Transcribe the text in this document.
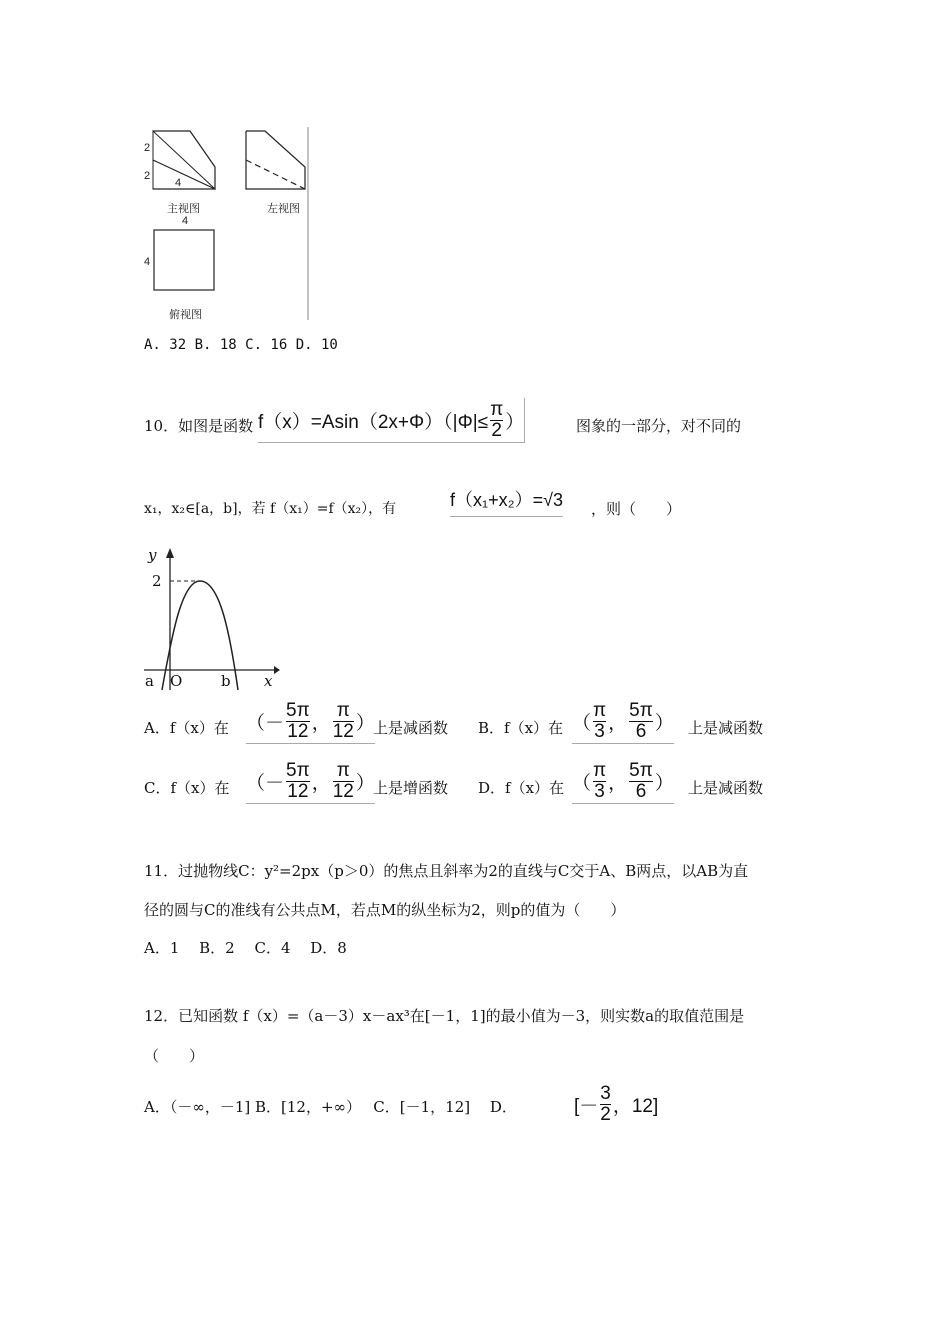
2
2
4
主视图	左视图
4
4
俯视图
A. 32 B. 18 C. 16 D. 10
10．如图是函数 $f(x)=Asin(2x+\Phi)(|\Phi|\le \frac{\pi}{2}$ ）	图象的一部分，对不同的
x₁，x₂∈[a，b]，若 f（x₁）=f（x₂），有	f（x₁+x₂）=√3 ，则（　　）
y
2
a O	b x
A．f（x）在 （－ $\frac{5\pi}{12}$ ， $\frac{\pi}{12}$ ）
上是减函数 B．f（x）在 （ $\frac{\pi}{3}$ ， $\frac{5\pi}{6}$ ） 上是减函数
C．f（x）在 （－ $\frac{5\pi}{12}$ ， $\frac{\pi}{12}$ ）
上是增函数 D．f（x）在 （ $\frac{\pi}{3}$ ， $\frac{5\pi}{6}$ ） 上是减函数
11．过抛物线C：y²=2px（p＞0）的焦点且斜率为2的直线与C交于A、B两点，以AB为直
径的圆与C的准线有公共点M，若点M的纵坐标为2，则p的值为（　　）
A．1　 B．2　 C．4　 D．8
12．已知函数 f（x）=（a－3）x－ax³在[－1，1]的最小值为－3，则实数a的取值范围是
（　　）
A．（－∞，－1] B．[12，+∞）　 C．[－1，12]　 D．	[－ $\frac{3}{2}$ ，12]
